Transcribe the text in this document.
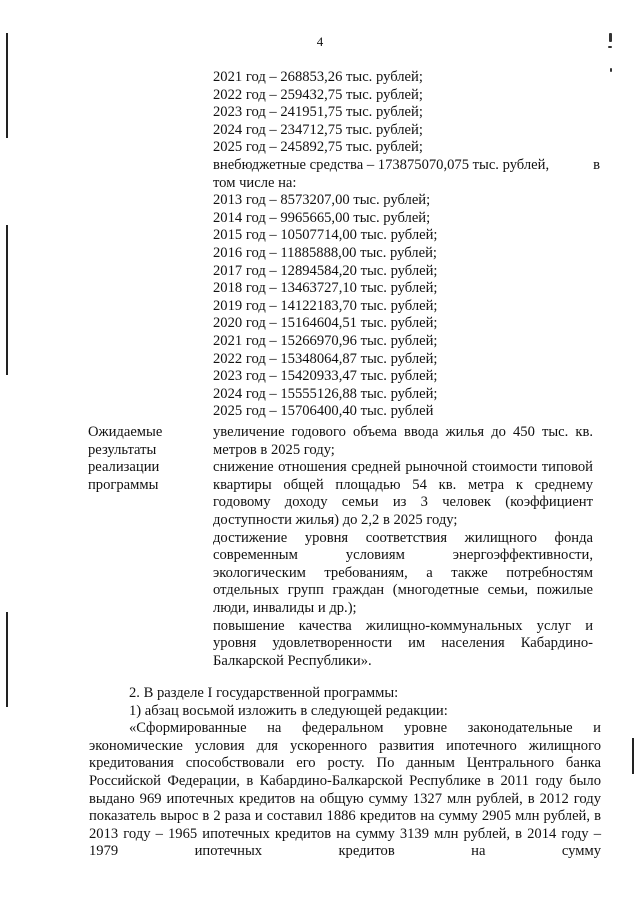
4
2021 год – 268853,26 тыс. рублей;
2022 год – 259432,75 тыс. рублей;
2023 год – 241951,75 тыс. рублей;
2024 год – 234712,75 тыс. рублей;
2025 год – 245892,75 тыс. рублей;
внебюджетные средства – 173875070,075 тыс. рублей,	в
том числе на:
2013 год – 8573207,00 тыс. рублей;
2014 год – 9965665,00 тыс. рублей;
2015 год – 10507714,00 тыс. рублей;
2016 год – 11885888,00 тыс. рублей;
2017 год – 12894584,20 тыс. рублей;
2018 год – 13463727,10 тыс. рублей;
2019 год – 14122183,70 тыс. рублей;
2020 год – 15164604,51 тыс. рублей;
2021 год – 15266970,96 тыс. рублей;
2022 год – 15348064,87 тыс. рублей;
2023 год – 15420933,47 тыс. рублей;
2024 год – 15555126,88 тыс. рублей;
2025 год – 15706400,40 тыс. рублей
Ожидаемые
результаты
реализации
программы
увеличение годового объема ввода жилья до 450 тыс. кв. метров в 2025 году;
снижение отношения средней рыночной стоимости типовой квартиры общей площадью 54 кв. метра к среднему годовому доходу семьи из 3 человек (коэффициент доступности жилья) до 2,2 в 2025 году;
достижение уровня соответствия жилищного фонда современным условиям энергоэффективности, экологическим требованиям, а также потребностям отдельных групп граждан (многодетные семьи, пожилые люди, инвалиды и др.);
повышение качества жилищно-коммунальных услуг и уровня удовлетворенности им населения Кабардино-Балкарской Республики».
2. В разделе I государственной программы:
1) абзац восьмой изложить в следующей редакции:
«Сформированные на федеральном уровне законодательные и экономические условия для ускоренного развития ипотечного жилищного кредитования способствовали его росту. По данным Центрального банка Российской Федерации, в Кабардино-Балкарской Республике в 2011 году было выдано 969 ипотечных кредитов на общую сумму 1327 млн рублей, в 2012 году показатель вырос в 2 раза и составил 1886 кредитов на сумму 2905 млн рублей, в 2013 году – 1965 ипотечных кредитов на сумму 3139 млн рублей, в 2014 году – 1979 ипотечных кредитов на сумму
